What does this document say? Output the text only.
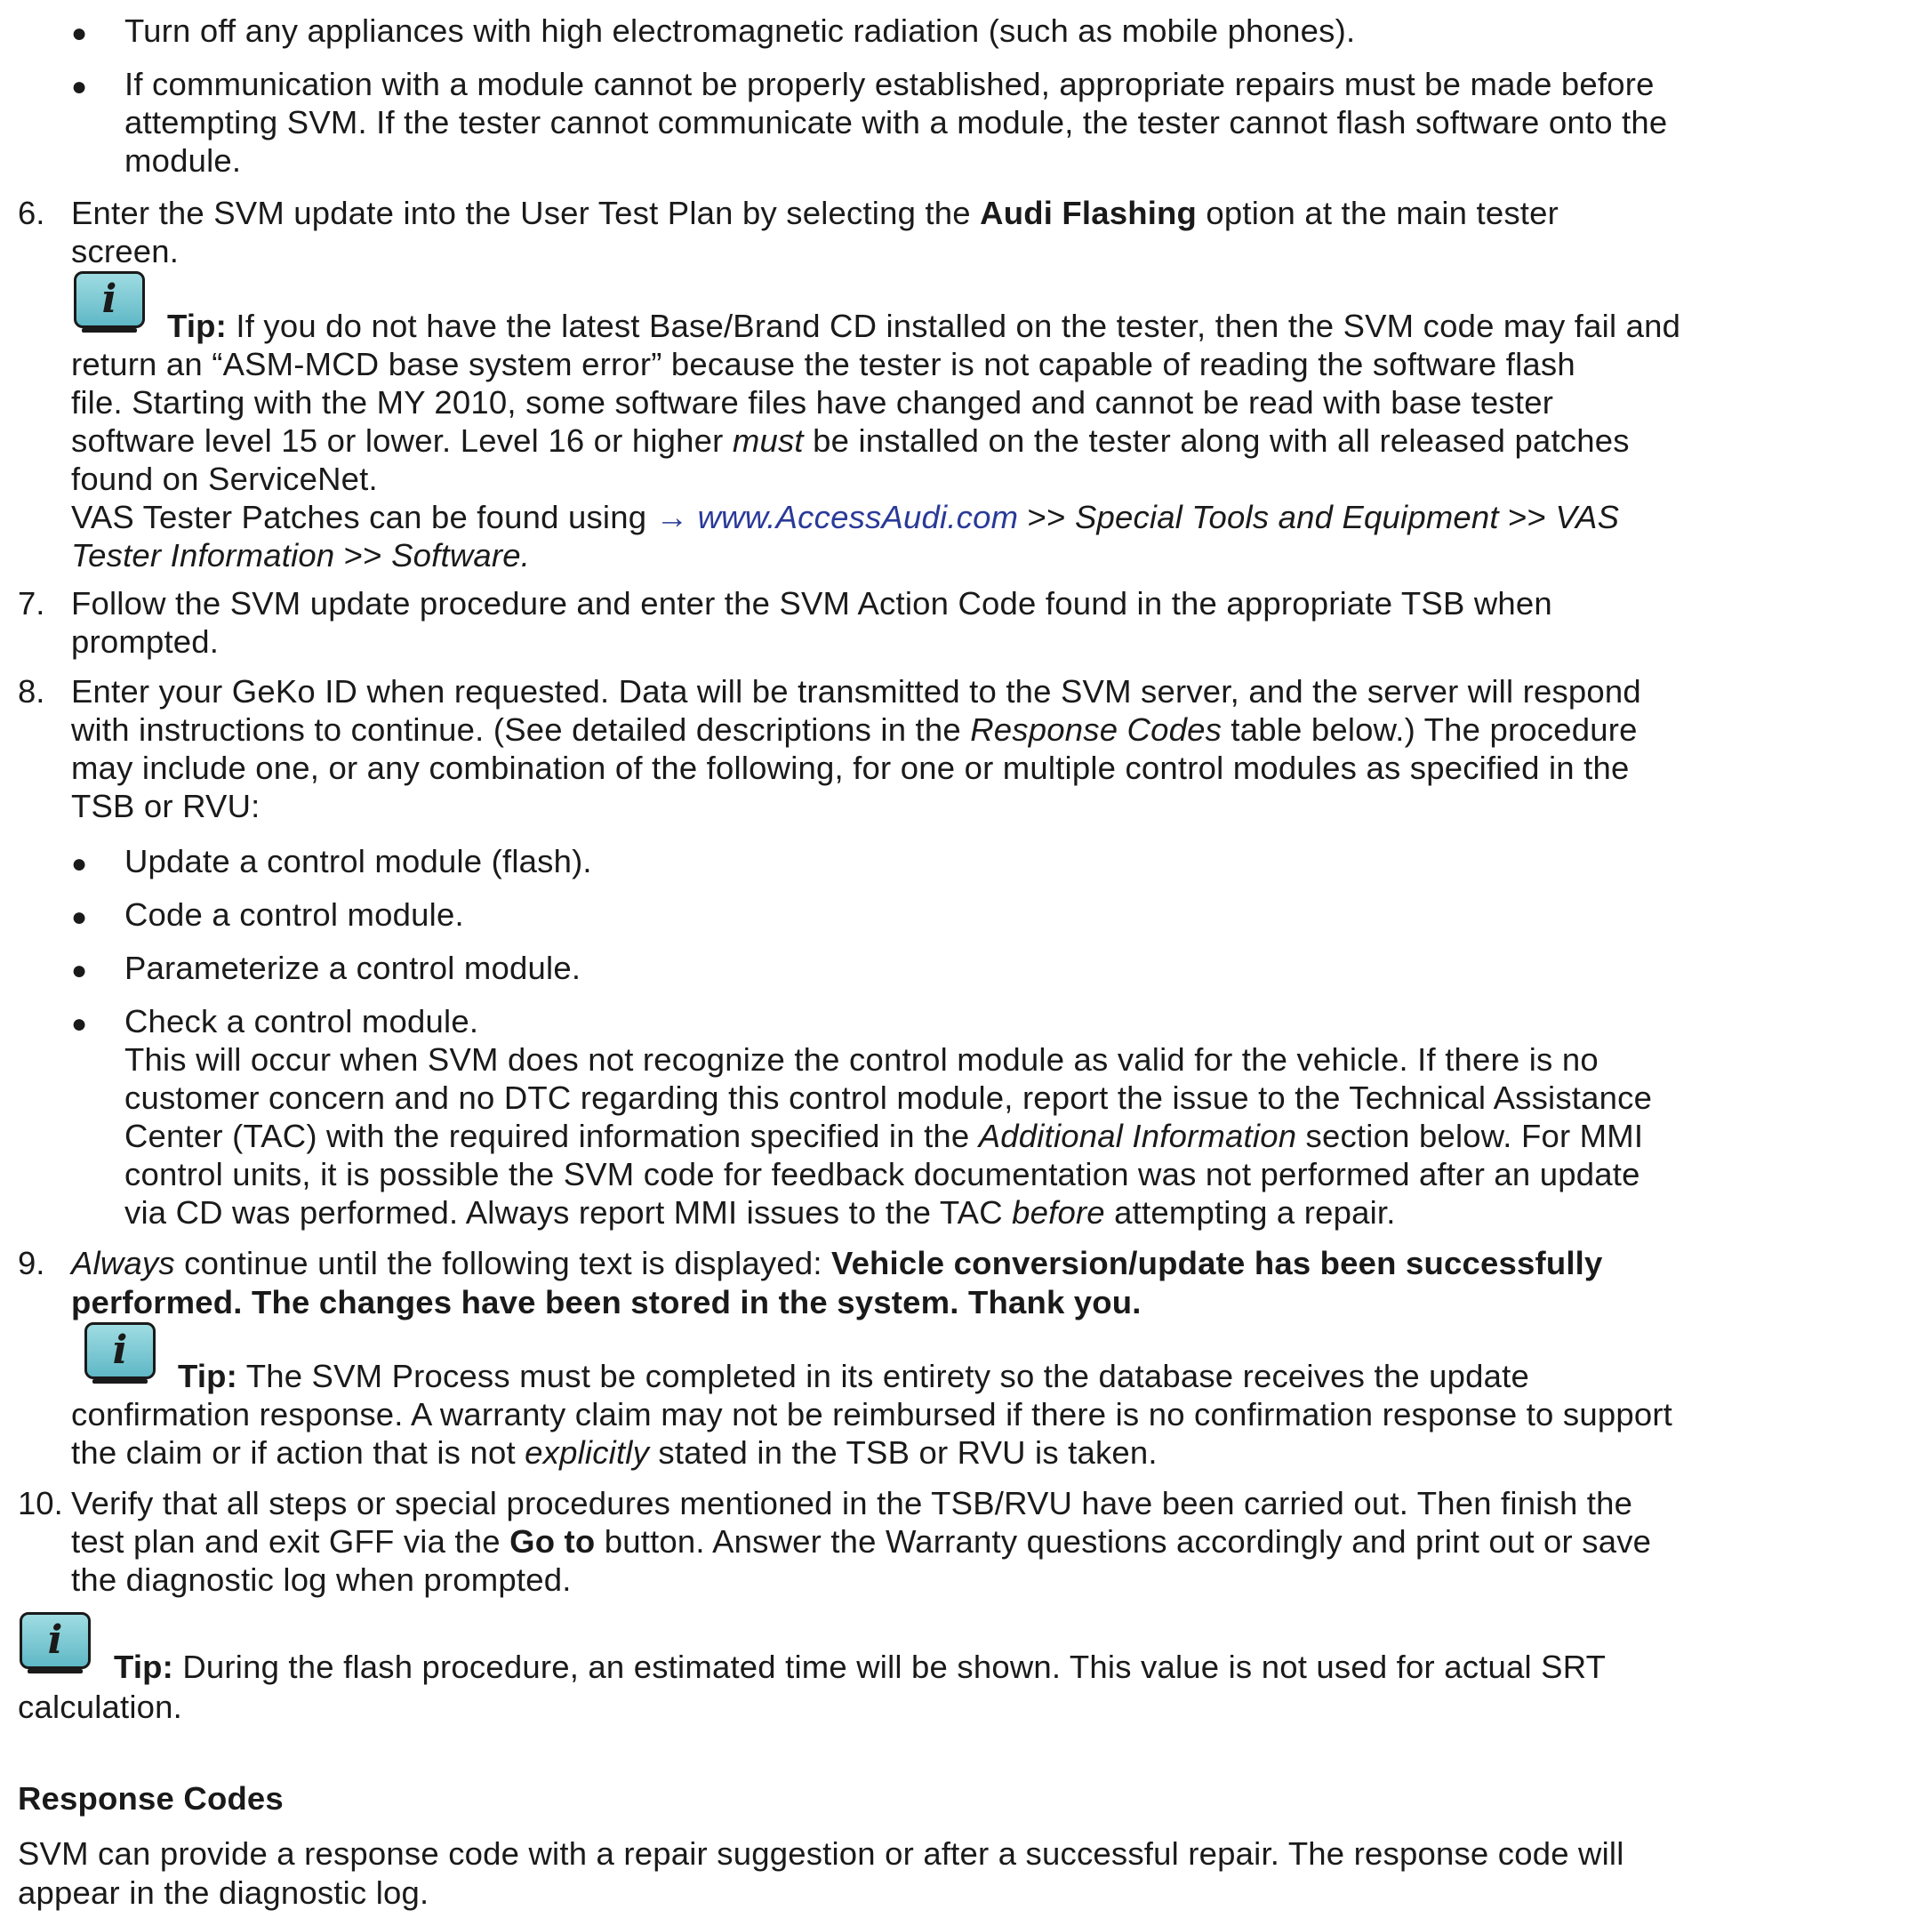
● Turn off any appliances with high electromagnetic radiation (such as mobile phones).
● If communication with a module cannot be properly established, appropriate repairs must be made before
attempting SVM. If the tester cannot communicate with a module, the tester cannot flash software onto the
module.
6. Enter the SVM update into the User Test Plan by selecting the Audi Flashing option at the main tester
screen.
i
Tip: If you do not have the latest Base/Brand CD installed on the tester, then the SVM code may fail and
return an “ASM-MCD base system error” because the tester is not capable of reading the software flash
file. Starting with the MY 2010, some software files have changed and cannot be read with base tester
software level 15 or lower. Level 16 or higher must be installed on the tester along with all released patches
found on ServiceNet.
VAS Tester Patches can be found using → www.AccessAudi.com >> Special Tools and Equipment >> VAS
Tester Information >> Software.
7. Follow the SVM update procedure and enter the SVM Action Code found in the appropriate TSB when
prompted.
8. Enter your GeKo ID when requested. Data will be transmitted to the SVM server, and the server will respond
with instructions to continue. (See detailed descriptions in the Response Codes table below.) The procedure
may include one, or any combination of the following, for one or multiple control modules as specified in the
TSB or RVU:
● Update a control module (flash).
● Code a control module.
● Parameterize a control module.
● Check a control module.
This will occur when SVM does not recognize the control module as valid for the vehicle. If there is no
customer concern and no DTC regarding this control module, report the issue to the Technical Assistance
Center (TAC) with the required information specified in the Additional Information section below. For MMI
control units, it is possible the SVM code for feedback documentation was not performed after an update
via CD was performed. Always report MMI issues to the TAC before attempting a repair.
9. Always continue until the following text is displayed: Vehicle conversion/update has been successfully
performed. The changes have been stored in the system. Thank you.
i
Tip: The SVM Process must be completed in its entirety so the database receives the update
confirmation response. A warranty claim may not be reimbursed if there is no confirmation response to support
the claim or if action that is not explicitly stated in the TSB or RVU is taken.
10. Verify that all steps or special procedures mentioned in the TSB/RVU have been carried out. Then finish the
test plan and exit GFF via the Go to button. Answer the Warranty questions accordingly and print out or save
the diagnostic log when prompted.
i
Tip: During the flash procedure, an estimated time will be shown. This value is not used for actual SRT
calculation.
Response Codes
SVM can provide a response code with a repair suggestion or after a successful repair. The response code will
appear in the diagnostic log.
